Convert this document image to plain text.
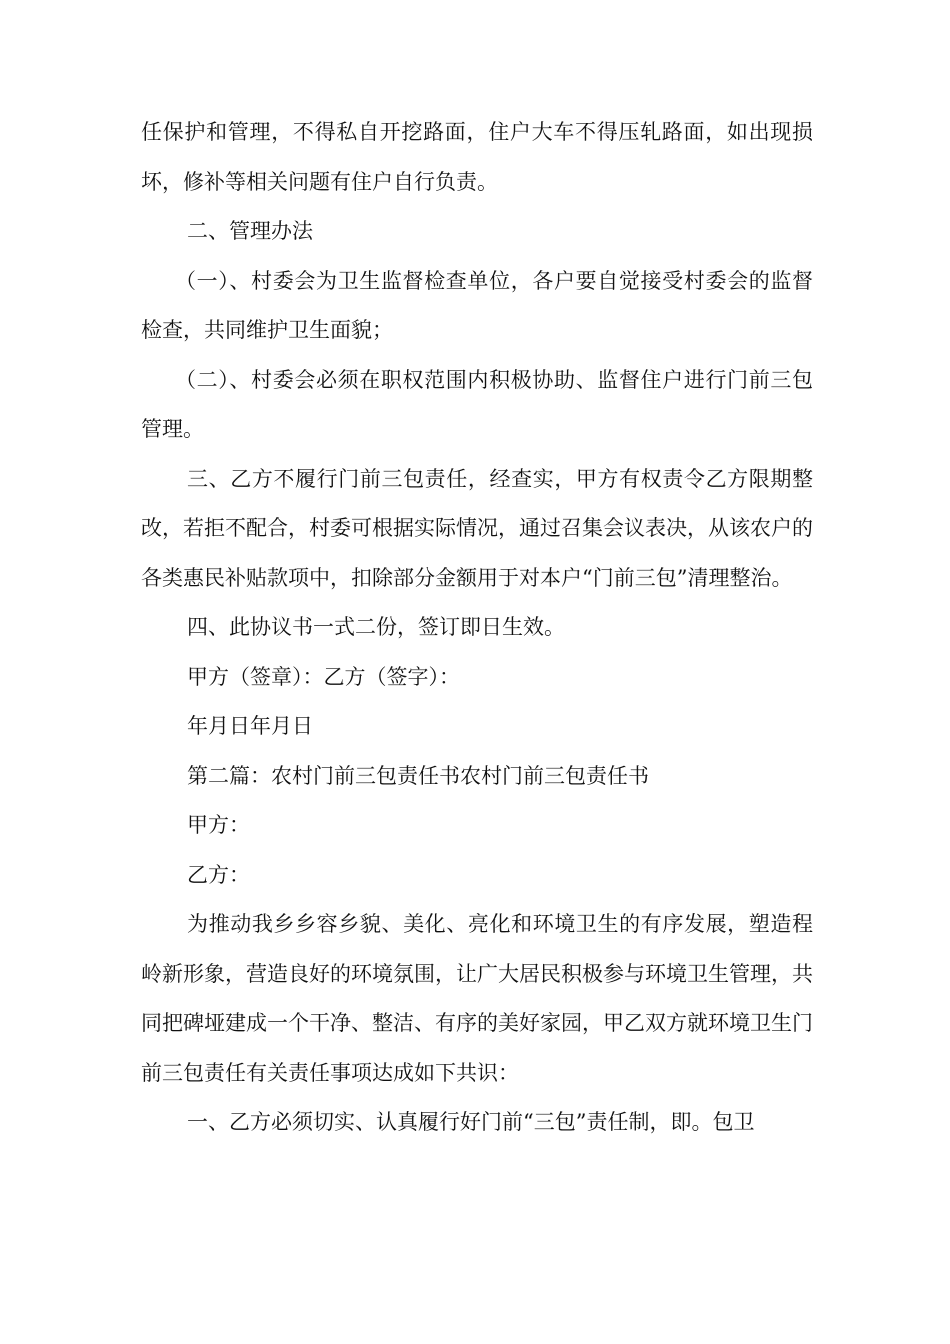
任保护和管理，不得私自开挖路面，住户大车不得压轧路面，如出现损坏，修补等相关问题有住户自行负责。

二、管理办法

（一）、村委会为卫生监督检查单位，各户要自觉接受村委会的监督检查，共同维护卫生面貌；

（二）、村委会必须在职权范围内积极协助、监督住户进行门前三包管理。

三、乙方不履行门前三包责任，经查实，甲方有权责令乙方限期整改，若拒不配合，村委可根据实际情况，通过召集会议表决，从该农户的各类惠民补贴款项中，扣除部分金额用于对本户“门前三包”清理整治。

四、此协议书一式二份，签订即日生效。

甲方（签章）：乙方（签字）：

年月日年月日

第二篇：农村门前三包责任书农村门前三包责任书

甲方：

乙方：

为推动我乡乡容乡貌、美化、亮化和环境卫生的有序发展，塑造程岭新形象，营造良好的环境氛围，让广大居民积极参与环境卫生管理，共同把碑垭建成一个干净、整洁、有序的美好家园，甲乙双方就环境卫生门前三包责任有关责任事项达成如下共识：

一、乙方必须切实、认真履行好门前“三包”责任制，即。包卫
